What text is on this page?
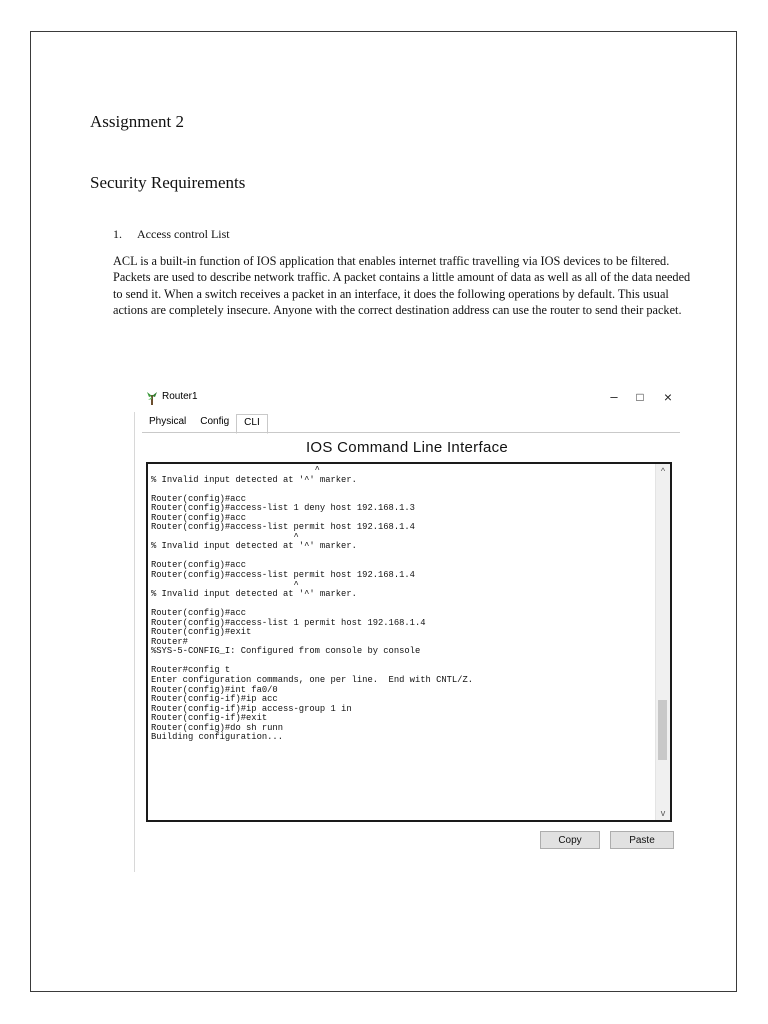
Assignment 2
Security Requirements
1. Access control List

ACL is a built-in function of IOS application that enables internet traffic travelling via IOS devices to be filtered. Packets are used to describe network traffic. A packet contains a little amount of data as well as all of the data needed to send it. When a switch receives a packet in an interface, it does the following operations by default. This usual actions are completely insecure. Anyone with the correct destination address can use the router to send their packet.

Router1	–	□	×
Physical	Config	CLI
IOS Command Line Interface
^
% Invalid input detected at '^' marker.
Router(config)#acc
Router(config)#access-list 1 deny host 192.168.1.3
Router(config)#acc
Router(config)#access-list permit host 192.168.1.4
^
% Invalid input detected at '^' marker.
Router(config)#acc
Router(config)#access-list permit host 192.168.1.4
^
% Invalid input detected at '^' marker.
Router(config)#acc
Router(config)#access-list 1 permit host 192.168.1.4
Router(config)#exit
Router#
%SYS-5-CONFIG_I: Configured from console by console
Router#config t
Enter configuration commands, one per line.  End with CNTL/Z.
Router(config)#int fa0/0
Router(config-if)#ip acc
Router(config-if)#ip access-group 1 in
Router(config-if)#exit
Router(config)#do sh runn
Building configuration...
^
v
Copy	Paste
